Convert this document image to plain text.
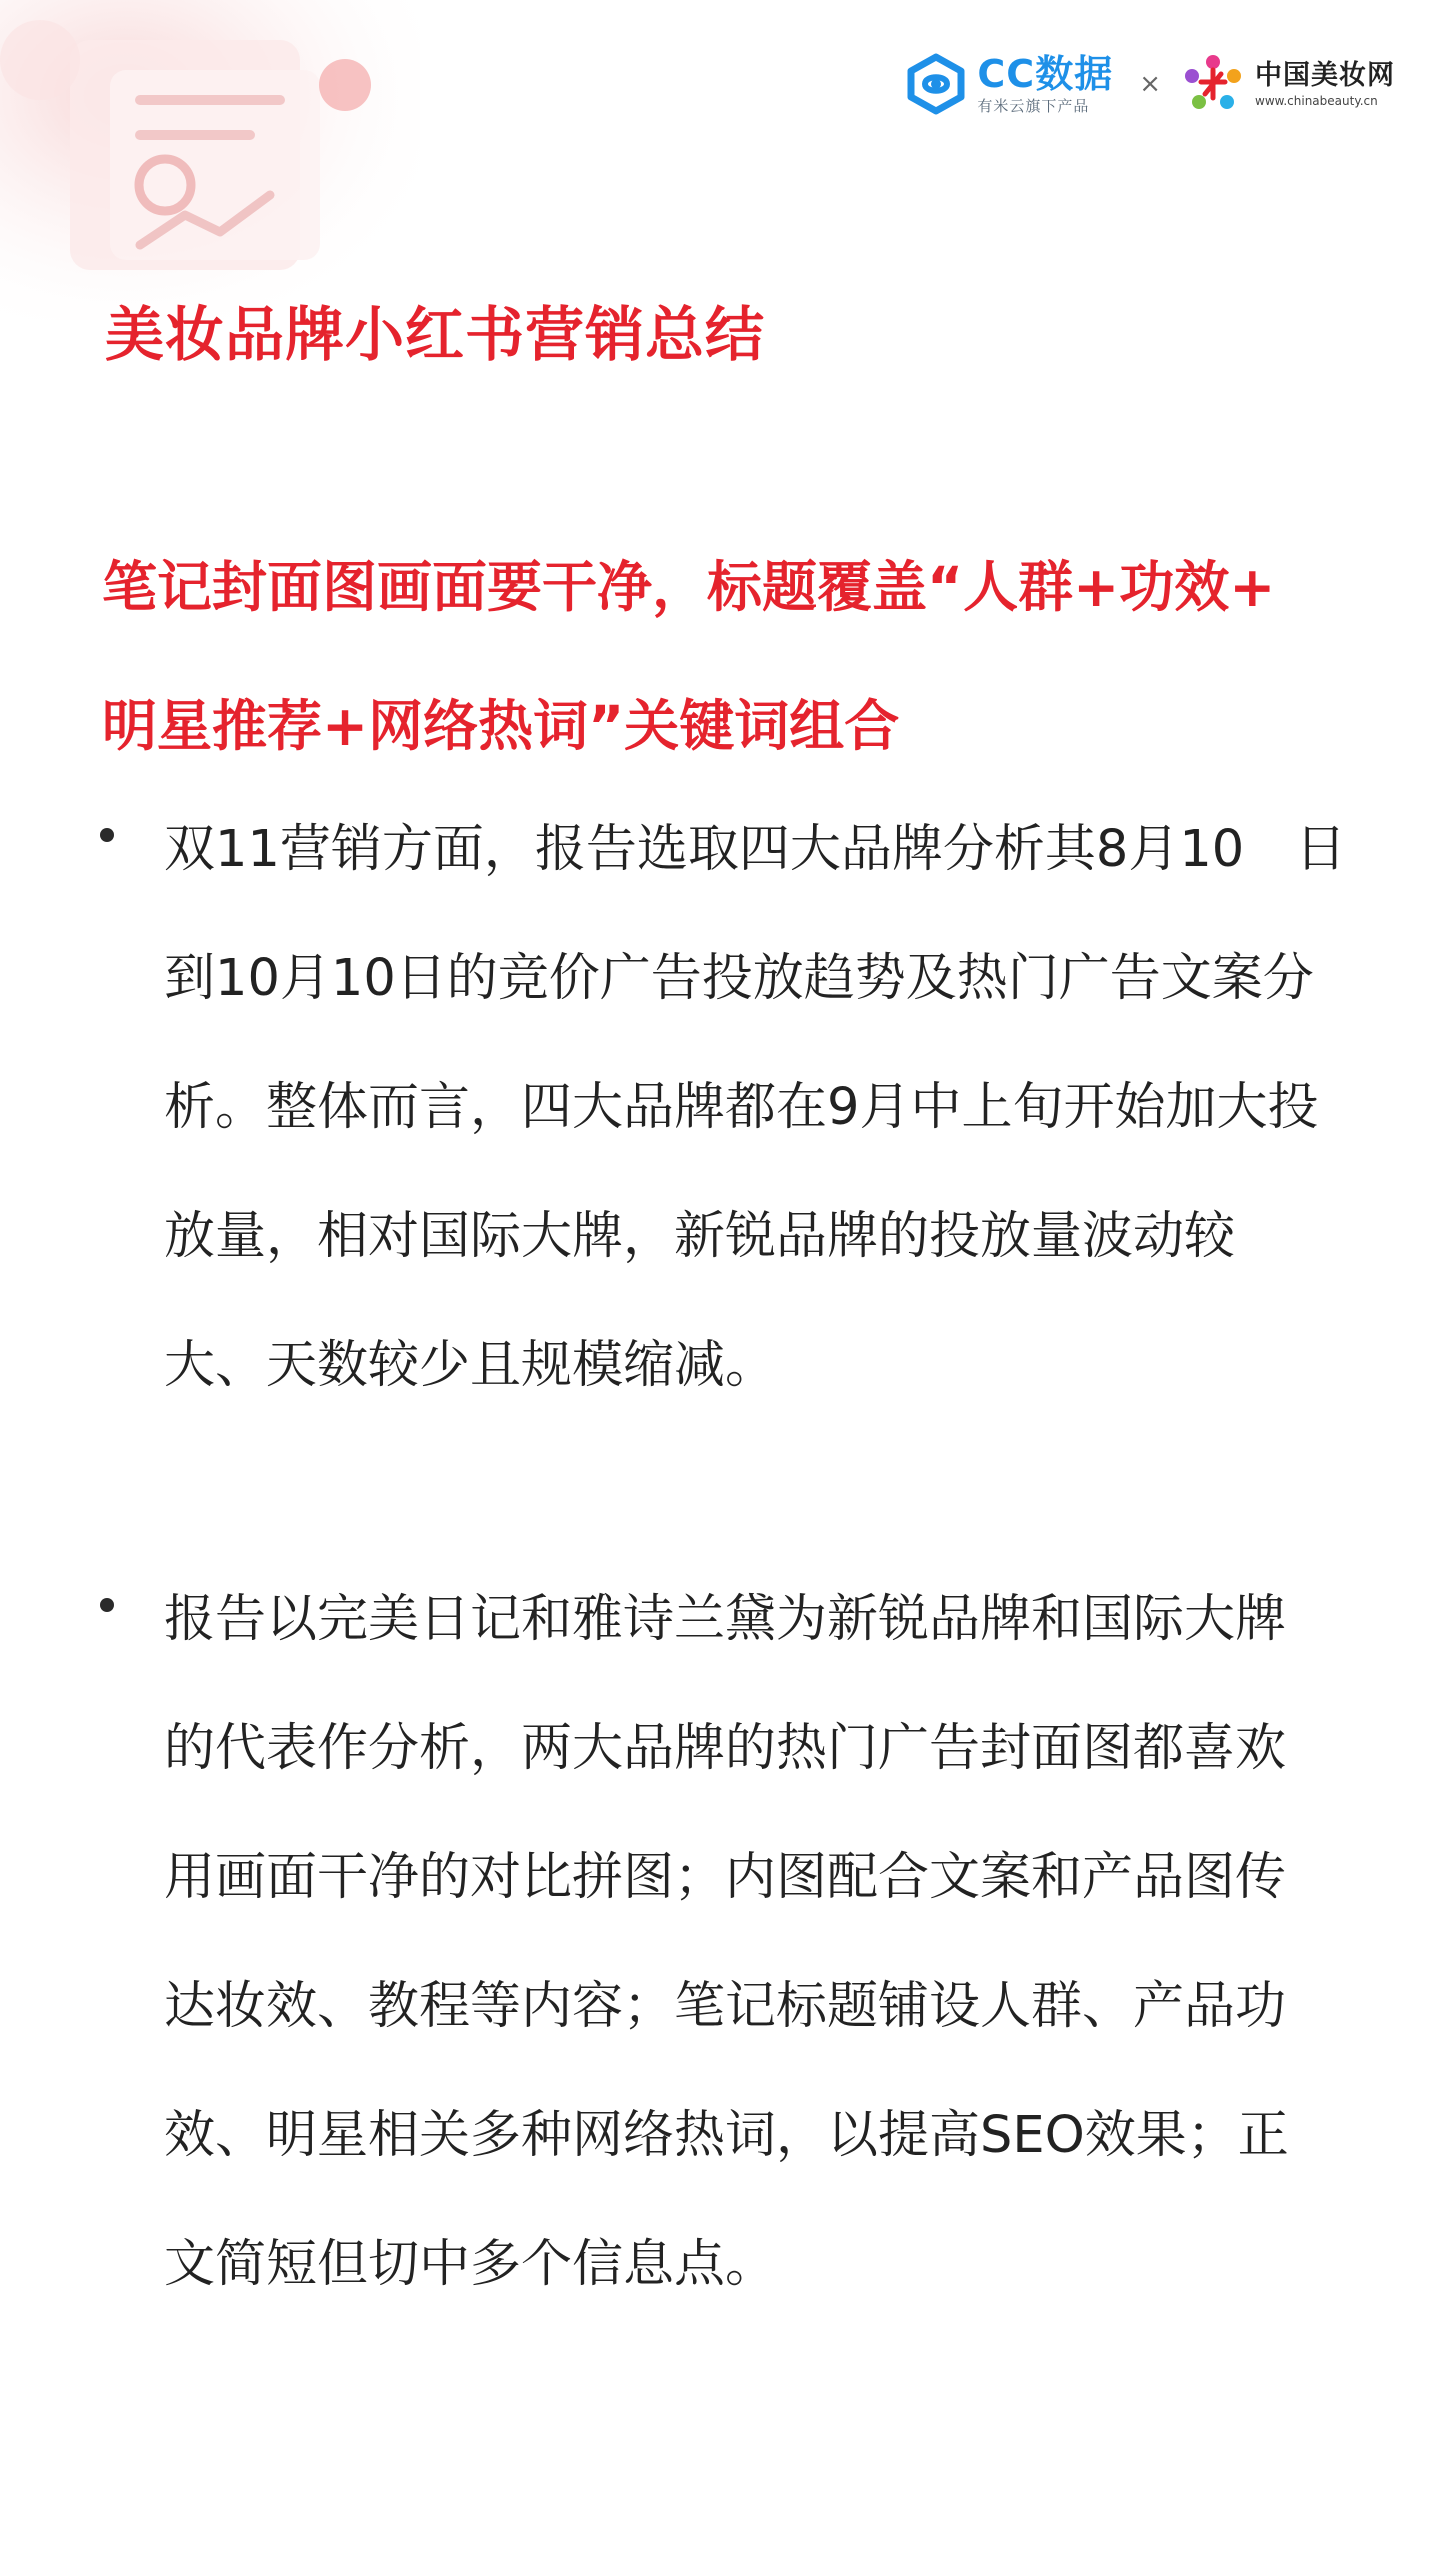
CC数据
有米云旗下产品
×	中国美妆网
www.chinabeauty.cn
美妆品牌小红书营销总结
笔记封面图画面要干净，标题覆盖“人群+功效+
明星推荐+网络热词”关键词组合

双11营销方面，报告选取四大品牌分析其8月10　日
到10月10日的竞价广告投放趋势及热门广告文案分
析。整体而言，四大品牌都在9月中上旬开始加大投
放量，相对国际大牌，新锐品牌的投放量波动较
大、天数较少且规模缩减。

报告以完美日记和雅诗兰黛为新锐品牌和国际大牌
的代表作分析，两大品牌的热门广告封面图都喜欢
用画面干净的对比拼图；内图配合文案和产品图传
达妆效、教程等内容；笔记标题铺设人群、产品功
效、明星相关多种网络热词，以提高SEO效果；正
文简短但切中多个信息点。
